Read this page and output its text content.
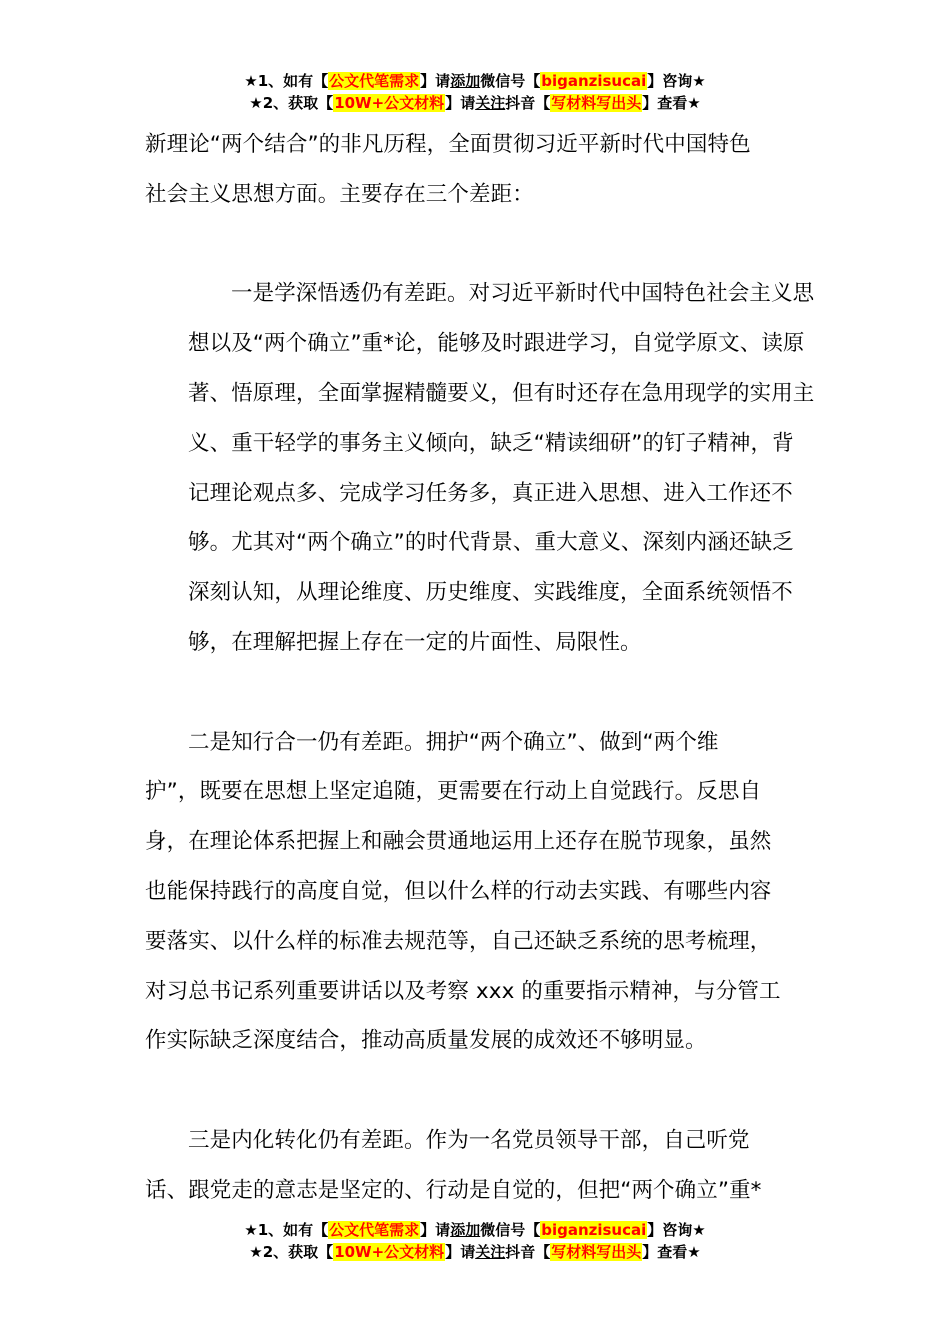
★1、如有【公文代笔需求】请添加微信号【biganzisucai】咨询★
★2、获取【10W+公文材料】请关注抖音【写材料写出头】查看★
新理论“两个结合”的非凡历程，全面贯彻习近平新时代中国特色
社会主义思想方面。主要存在三个差距：
一是学深悟透仍有差距。对习近平新时代中国特色社会主义思
想以及“两个确立”重*论，能够及时跟进学习，自觉学原文、读原
著、悟原理，全面掌握精髓要义，但有时还存在急用现学的实用主
义、重干轻学的事务主义倾向，缺乏“精读细研”的钉子精神，背
记理论观点多、完成学习任务多，真正进入思想、进入工作还不
够。尤其对“两个确立”的时代背景、重大意义、深刻内涵还缺乏
深刻认知，从理论维度、历史维度、实践维度，全面系统领悟不
够，在理解把握上存在一定的片面性、局限性。
二是知行合一仍有差距。拥护“两个确立”、做到“两个维
护”，既要在思想上坚定追随，更需要在行动上自觉践行。反思自
身，在理论体系把握上和融会贯通地运用上还存在脱节现象，虽然
也能保持践行的高度自觉，但以什么样的行动去实践、有哪些内容
要落实、以什么样的标准去规范等，自己还缺乏系统的思考梳理，
对习总书记系列重要讲话以及考察 xxx 的重要指示精神，与分管工
作实际缺乏深度结合，推动高质量发展的成效还不够明显。
三是内化转化仍有差距。作为一名党员领导干部，自己听党
话、跟党走的意志是坚定的、行动是自觉的，但把“两个确立”重*
★1、如有【公文代笔需求】请添加微信号【biganzisucai】咨询★
★2、获取【10W+公文材料】请关注抖音【写材料写出头】查看★
